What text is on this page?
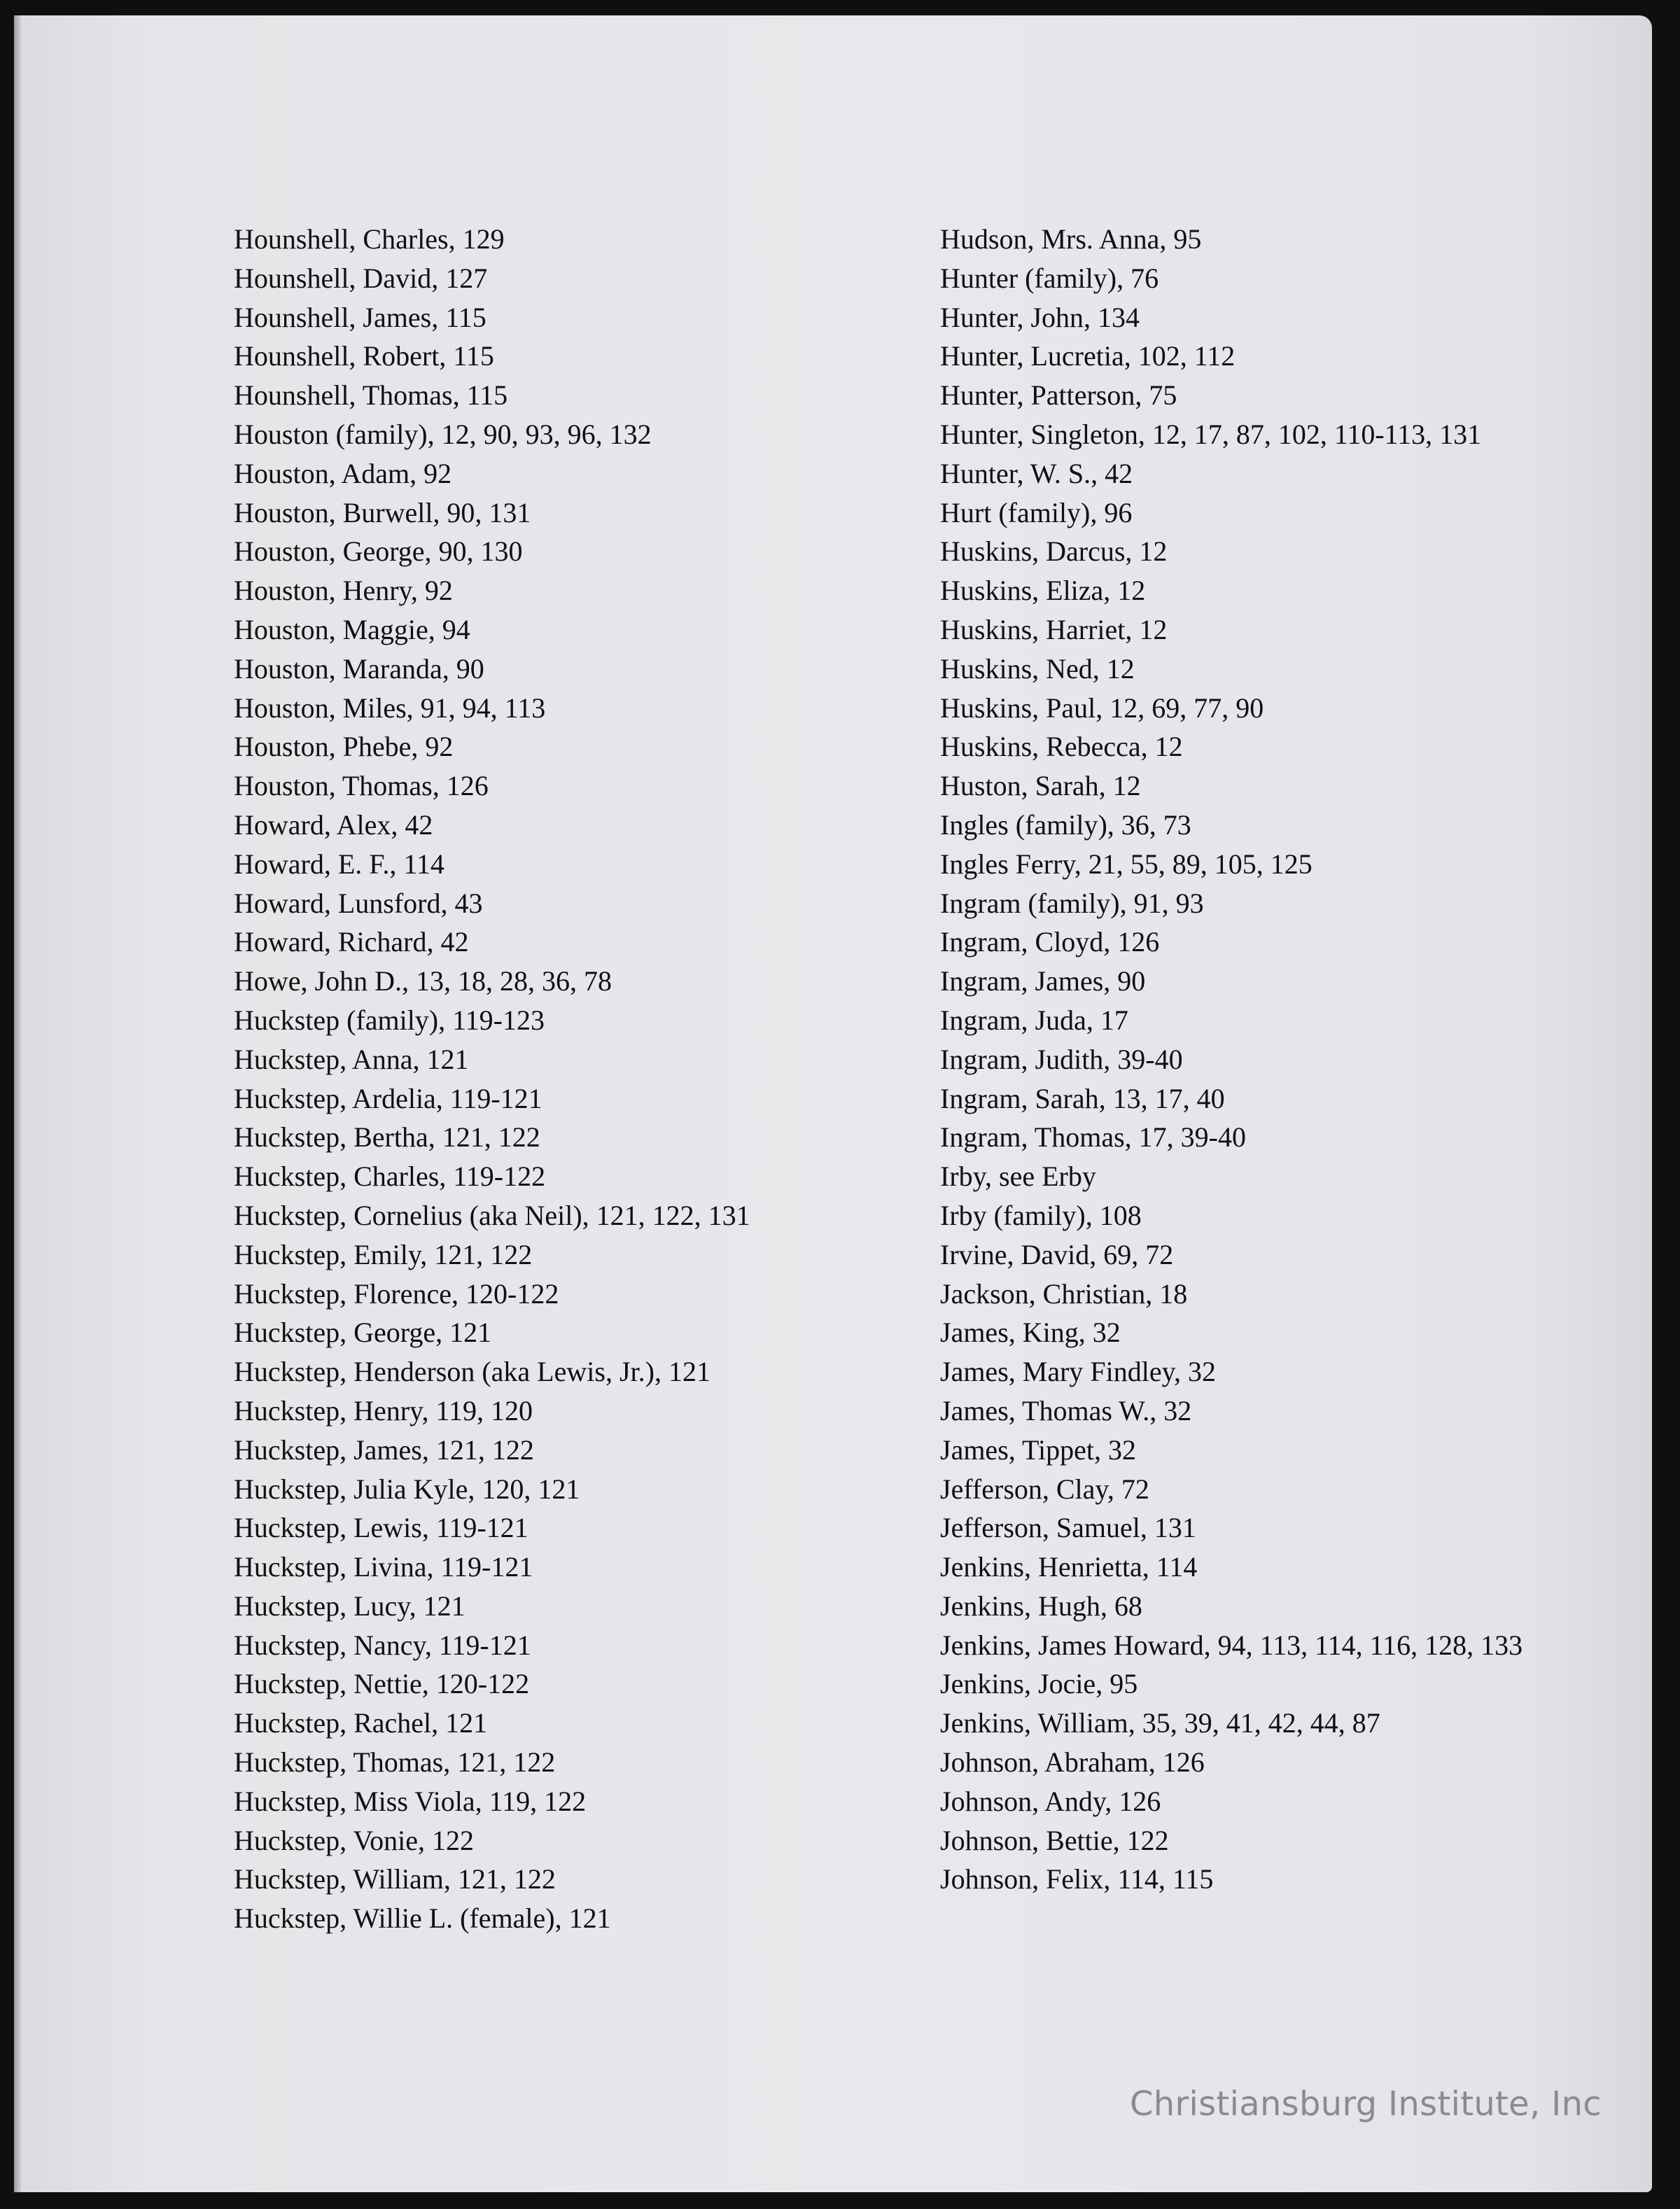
Hounshell, Charles, 129

Hounshell, David, 127

Hounshell, James, 115

Hounshell, Robert, 115

Hounshell, Thomas, 115

Houston (family), 12, 90, 93, 96, 132

Houston, Adam, 92

Houston, Burwell, 90, 131

Houston, George, 90, 130

Houston, Henry, 92

Houston, Maggie, 94

Houston, Maranda, 90

Houston, Miles, 91, 94, 113

Houston, Phebe, 92

Houston, Thomas, 126

Howard, Alex, 42

Howard, E. F., 114

Howard, Lunsford, 43

Howard, Richard, 42

Howe, John D., 13, 18, 28, 36, 78

Huckstep (family), 119-123

Huckstep, Anna, 121

Huckstep, Ardelia, 119-121

Huckstep, Bertha, 121, 122

Huckstep, Charles, 119-122

Huckstep, Cornelius (aka Neil), 121, 122, 131

Huckstep, Emily, 121, 122

Huckstep, Florence, 120-122

Huckstep, George, 121

Huckstep, Henderson (aka Lewis, Jr.), 121

Huckstep, Henry, 119, 120

Huckstep, James, 121, 122

Huckstep, Julia Kyle, 120, 121

Huckstep, Lewis, 119-121

Huckstep, Livina, 119-121

Huckstep, Lucy, 121

Huckstep, Nancy, 119-121

Huckstep, Nettie, 120-122

Huckstep, Rachel, 121

Huckstep, Thomas, 121, 122

Huckstep, Miss Viola, 119, 122

Huckstep, Vonie, 122

Huckstep, William, 121, 122

Huckstep, Willie L. (female), 121

Hudson, Mrs. Anna, 95

Hunter (family), 76

Hunter, John, 134

Hunter, Lucretia, 102, 112

Hunter, Patterson, 75

Hunter, Singleton, 12, 17, 87, 102, 110-113, 131

Hunter, W. S., 42

Hurt (family), 96

Huskins, Darcus, 12

Huskins, Eliza, 12

Huskins, Harriet, 12

Huskins, Ned, 12

Huskins, Paul, 12, 69, 77, 90

Huskins, Rebecca, 12

Huston, Sarah, 12

Ingles (family), 36, 73

Ingles Ferry, 21, 55, 89, 105, 125

Ingram (family), 91, 93

Ingram, Cloyd, 126

Ingram, James, 90

Ingram, Juda, 17

Ingram, Judith, 39-40

Ingram, Sarah, 13, 17, 40

Ingram, Thomas, 17, 39-40

Irby, see Erby

Irby (family), 108

Irvine, David, 69, 72

Jackson, Christian, 18

James, King, 32

James, Mary Findley, 32

James, Thomas W., 32

James, Tippet, 32

Jefferson, Clay, 72

Jefferson, Samuel, 131

Jenkins, Henrietta, 114

Jenkins, Hugh, 68

Jenkins, James Howard, 94, 113, 114, 116, 128, 133

Jenkins, Jocie, 95

Jenkins, William, 35, 39, 41, 42, 44, 87

Johnson, Abraham, 126

Johnson, Andy, 126

Johnson, Bettie, 122

Johnson, Felix, 114, 115

Christiansburg Institute, Inc
